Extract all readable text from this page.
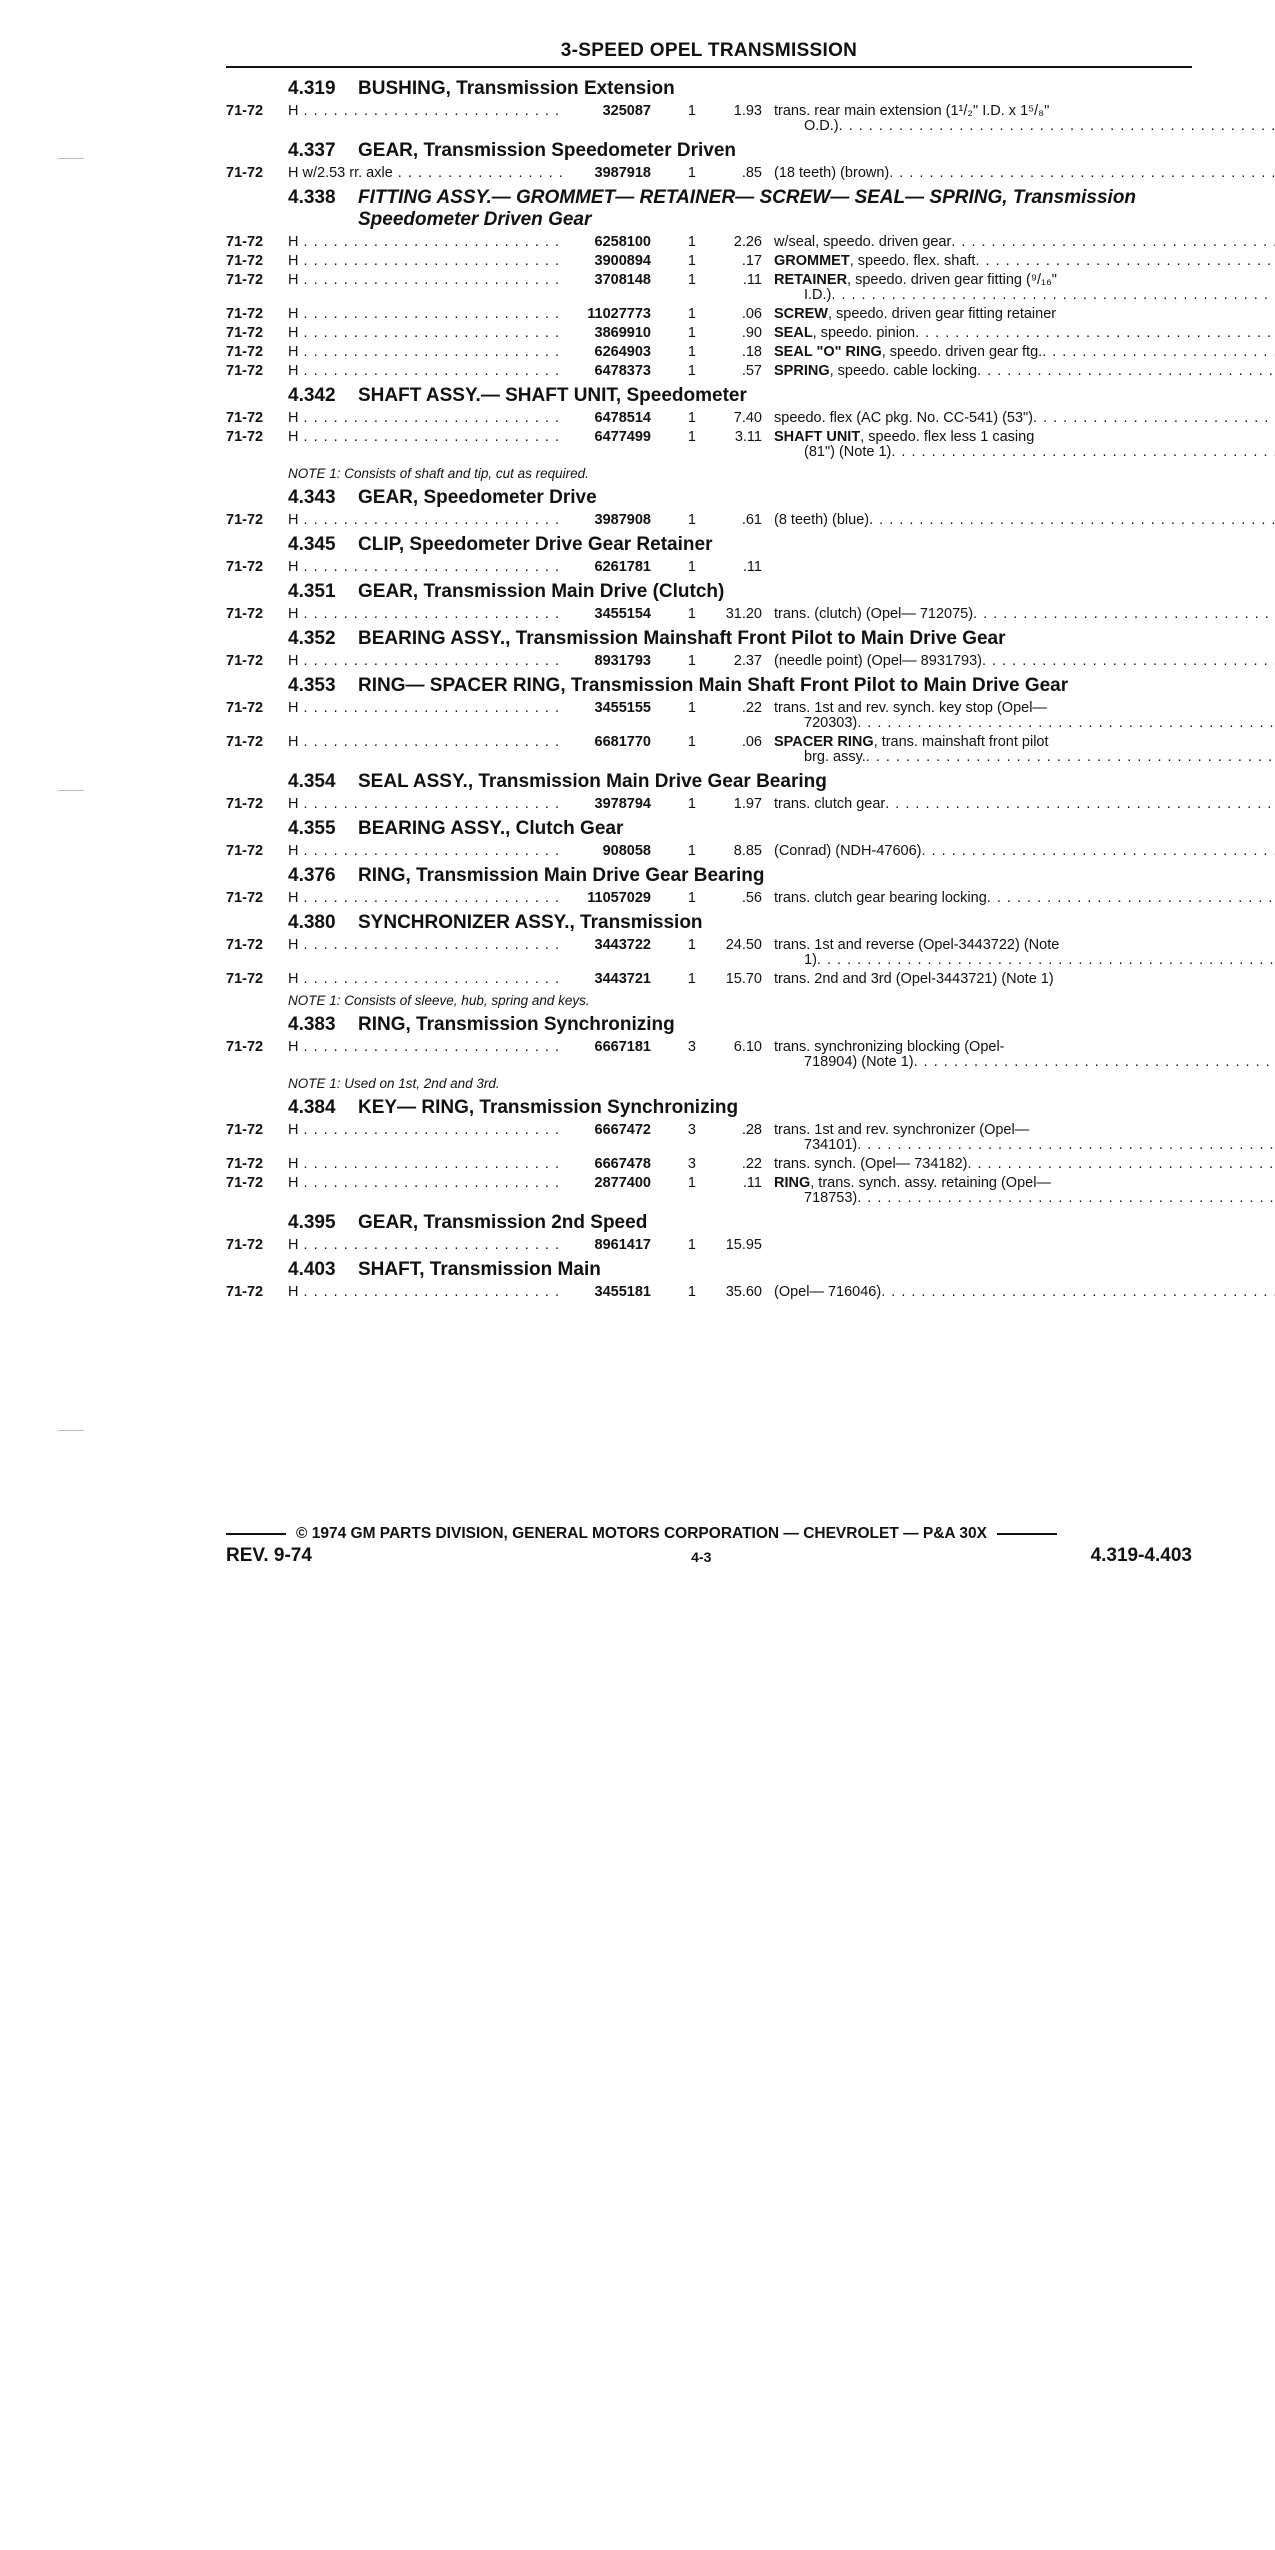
3-SPEED OPEL TRANSMISSION
4.319	BUSHING, Transmission Extension
71-72	H . . .	325087	1	1.93 trans. rear main extension (1¹/₂" I.D. x 1⁵/₈"
O.D.)
. . .
4.337	GEAR, Transmission Speedometer Driven
71-72	H w/2.53 rr. axle . . .	3987918	1	.85 (18 teeth) (brown)
. . .
4.338	FITTING ASSY.— GROMMET— RETAINER— SCREW— SEAL— SPRING, Transmission Speedometer Driven Gear
71-72	H . . .	6258100	1	2.26 w/seal, speedo. driven gear
. . .
71-72	H . . .	3900894	1	.17 GROMMET, speedo. flex. shaft
. . .
71-72	H . . .	3708148	1	.11 RETAINER, speedo. driven gear fitting (⁹/₁₆"
I.D.)
. . .
71-72	H . . .	11027773	1	.06 SCREW, speedo. driven gear fitting retainer
71-72	H . . .	3869910	1	.90 SEAL, speedo. pinion
. . .
71-72	H . . .	6264903	1	.18 SEAL "O" RING, speedo. driven gear ftg.
. . .
71-72	H . . .	6478373	1	.57 SPRING, speedo. cable locking
. . .
4.342	SHAFT ASSY.— SHAFT UNIT, Speedometer
71-72	H . . .	6478514	1	7.40 speedo. flex (AC pkg. No. CC-541) (53")
. . .
71-72	H . . .	6477499	1	3.11 SHAFT UNIT, speedo. flex less 1 casing
(81") (Note 1)
. . .
NOTE 1: Consists of shaft and tip, cut as required.
4.343	GEAR, Speedometer Drive
71-72	H . . .	3987908	1	.61 (8 teeth) (blue)
. . .
4.345	CLIP, Speedometer Drive Gear Retainer
71-72	H . . .	6261781	1	.11
4.351	GEAR, Transmission Main Drive (Clutch)
71-72	H . . .	3455154	1	31.20 trans. (clutch) (Opel— 712075)
. . .
4.352	BEARING ASSY., Transmission Mainshaft Front Pilot to Main Drive Gear
71-72	H . . .	8931793	1	2.37 (needle point) (Opel— 8931793)
. . .
4.353	RING— SPACER RING, Transmission Main Shaft Front Pilot to Main Drive Gear
71-72	H . . .	3455155	1	.22 trans. 1st and rev. synch. key stop (Opel—
720303)
. . .
71-72	H . . .	6681770	1	.06 SPACER RING, trans. mainshaft front pilot
brg. assy.
. . .
4.354	SEAL ASSY., Transmission Main Drive Gear Bearing
71-72	H . . .	3978794	1	1.97 trans. clutch gear
. . .
4.355	BEARING ASSY., Clutch Gear
71-72	H . . .	908058	1	8.85 (Conrad) (NDH-47606)
. . .
4.376	RING, Transmission Main Drive Gear Bearing
71-72	H . . .	11057029	1	.56 trans. clutch gear bearing locking
. . .
4.380	SYNCHRONIZER ASSY., Transmission
71-72	H . . .	3443722	1	24.50 trans. 1st and reverse (Opel-3443722) (Note
1)
. . .
71-72	H . . .	3443721	1	15.70 trans. 2nd and 3rd (Opel-3443721) (Note 1)
NOTE 1: Consists of sleeve, hub, spring and keys.
4.383	RING, Transmission Synchronizing
71-72	H . . .	6667181	3	6.10 trans. synchronizing blocking (Opel-
718904) (Note 1)
. . .
NOTE 1: Used on 1st, 2nd and 3rd.
4.384	KEY— RING, Transmission Synchronizing
71-72	H . . .	6667472	3	.28 trans. 1st and rev. synchronizer (Opel—
734101)
. . .
71-72	H . . .	6667478	3	.22 trans. synch. (Opel— 734182)
. . .
71-72	H . . .	2877400	1	.11 RING, trans. synch. assy. retaining (Opel—
718753)
. . .
4.395	GEAR, Transmission 2nd Speed
71-72	H . . .	8961417	1	15.95
4.403	SHAFT, Transmission Main
71-72	H . . .	3455181	1	35.60 (Opel— 716046)
. . .
© 1974 GM PARTS DIVISION, GENERAL MOTORS CORPORATION — CHEVROLET — P&A 30X
REV. 9-74	4-3	4.319-4.403
